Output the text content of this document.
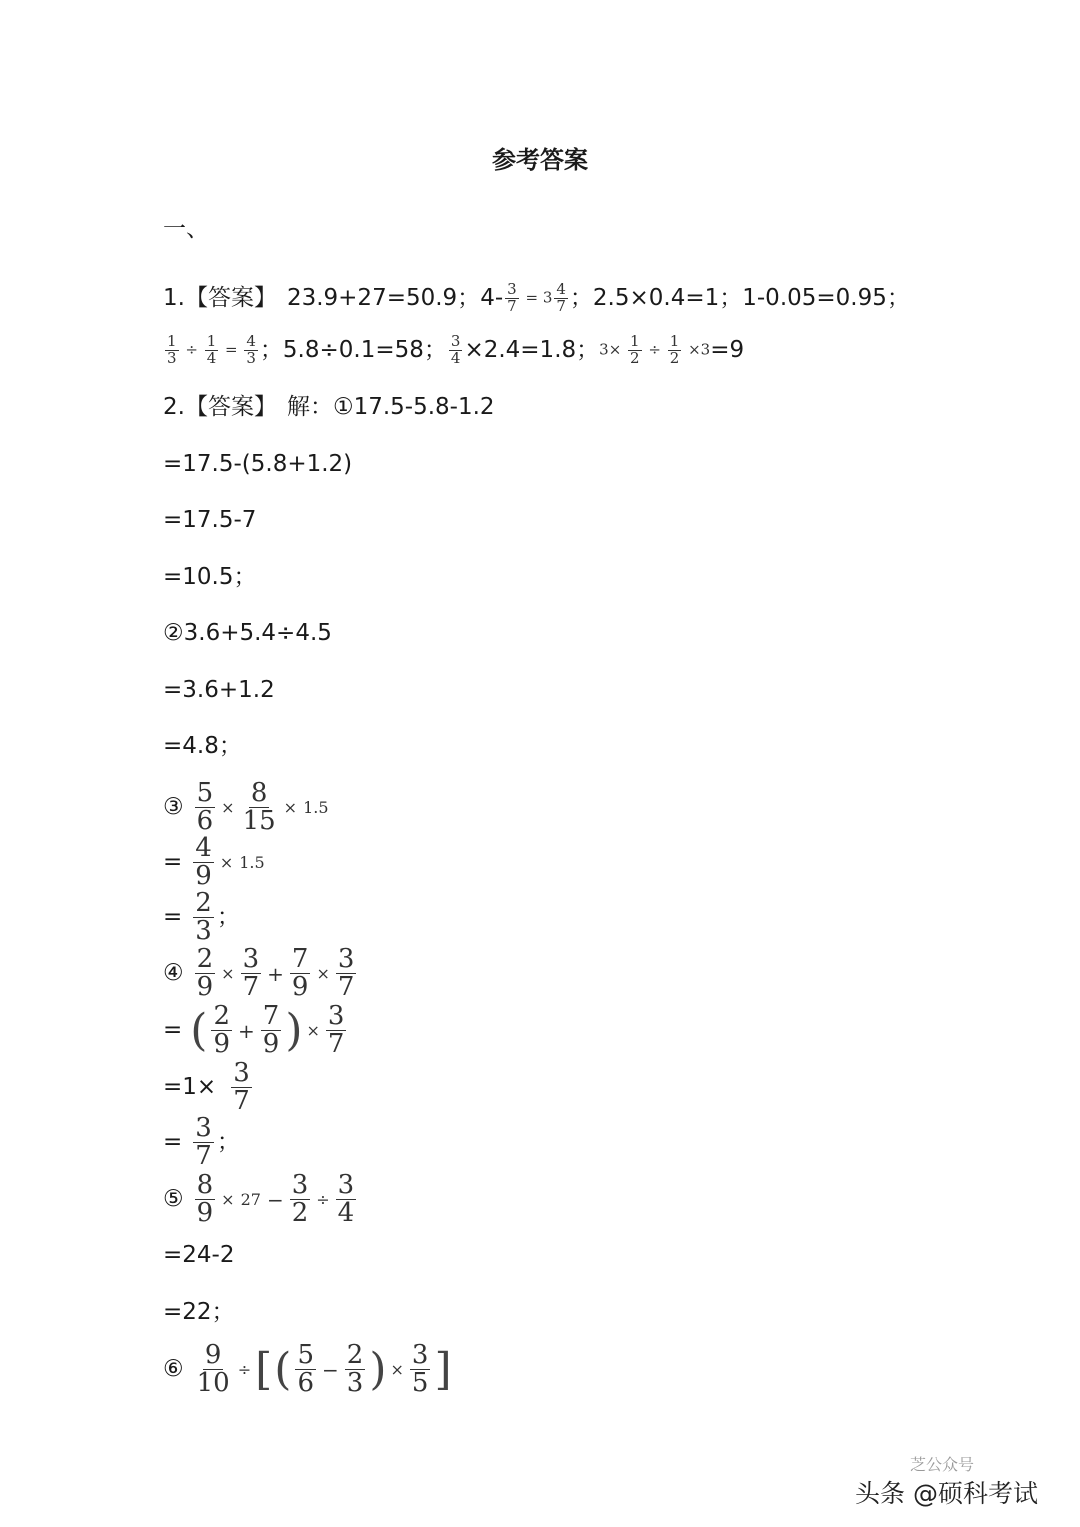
参考答案
一、
1.【答案】 23.9+27=50.9； $4- \frac{3}{7} = 3 \frac{4}{7}$ ； 2.5×0.4=1； 1-0.05=0.95；
$\frac{1}{3} \div \frac{1}{4} = \frac{4}{3}$ ； 5.8÷0.1=58； $\frac{3}{4} \times 2.4=1.8$； $3\times \frac{1}{2} \div \frac{1}{2} \times 3 =9$
2.【答案】 解：①17.5-5.8-1.2
=17.5-(5.8+1.2)
=17.5-7
=10.5；
②3.6+5.4÷4.5
=3.6+1.2
=4.8；
③ $\frac{5}{6} \times \frac{8}{15} \times 1.5$
= $\frac{4}{9} \times 1.5$
= $\frac{2}{3}$ ；
④ $\frac{2}{9} \times \frac{3}{7} + \frac{7}{9} \times \frac{3}{7}$
= ( $\frac{2}{9} + \frac{7}{9}$ ) × $\frac{3}{7}$
$=1\times \frac{3}{7}$
= $\frac{3}{7}$ ；
⑤ $\frac{8}{9} \times 27 - \frac{3}{2} \div \frac{3}{4}$
=24-2
=22；
⑥ $\frac{9}{10}$ ÷ [ ( $\frac{5}{6} - \frac{2}{3}$ ) × $\frac{3}{5}$ ]
芝公众号
头条 @硕科考试
